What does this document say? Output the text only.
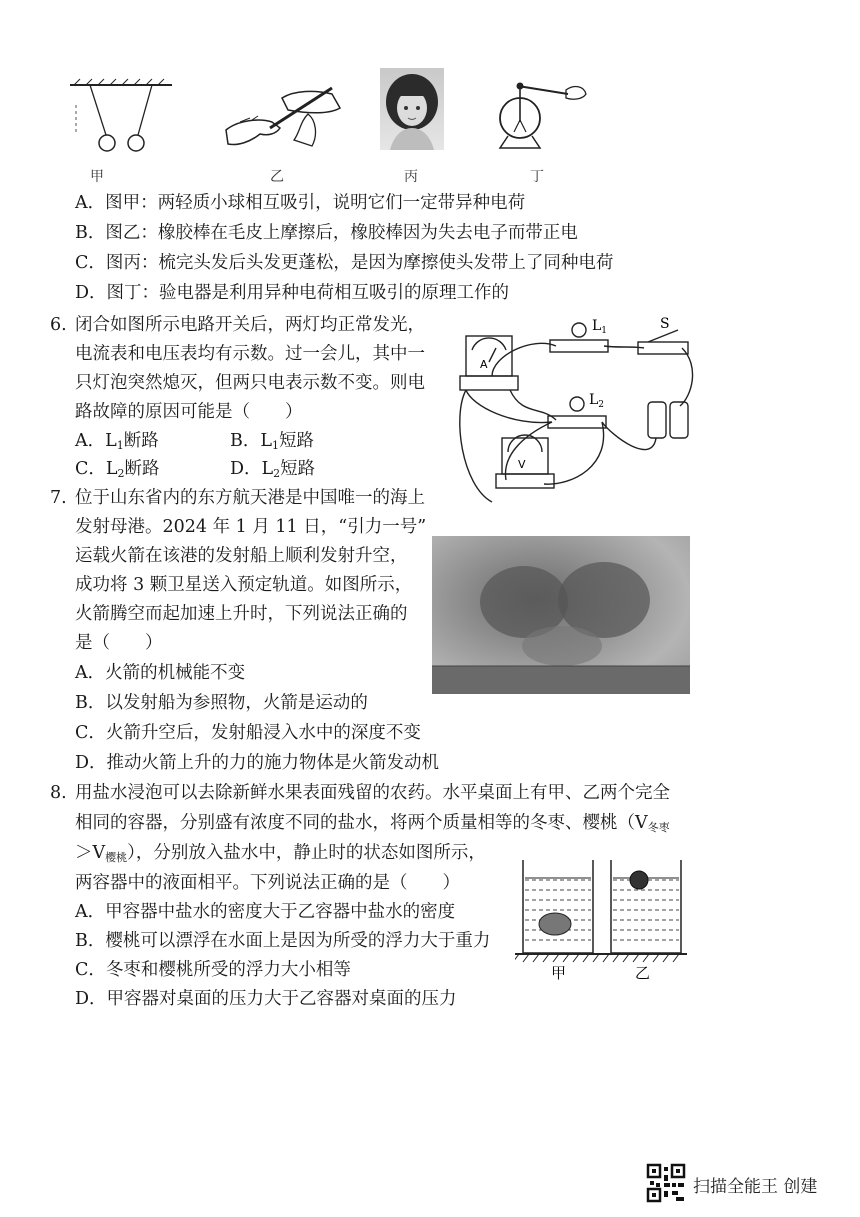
甲	乙	丙	丁
A．图甲：两轻质小球相互吸引，说明它们一定带异种电荷
B．图乙：橡胶棒在毛皮上摩擦后，橡胶棒因为失去电子而带正电
C．图丙：梳完头发后头发更蓬松，是因为摩擦使头发带上了同种电荷
D．图丁：验电器是利用异种电荷相互吸引的原理工作的
6. 闭合如图所示电路开关后，两灯均正常发光，
电流表和电压表均有示数。过一会儿，其中一
只灯泡突然熄灭，但两只电表示数不变。则电
路故障的原因可能是（　　）
A．$L_1$断路	B．$L_1$短路
C．$L_2$断路	D．$L_2$短路
A
V
$L_1$
$L_2$
S
7. 位于山东省内的东方航天港是中国唯一的海上
发射母港。2024 年 1 月 11 日，“引力一号”
运载火箭在该港的发射船上顺利发射升空，
成功将 3 颗卫星送入预定轨道。如图所示，
火箭腾空而起加速上升时，下列说法正确的
是（　　）
A．火箭的机械能不变
B．以发射船为参照物，火箭是运动的
C．火箭升空后，发射船浸入水中的深度不变
D．推动火箭上升的力的施力物体是火箭发动机
8. 用盐水浸泡可以去除新鲜水果表面残留的农药。水平桌面上有甲、乙两个完全
相同的容器，分别盛有浓度不同的盐水，将两个质量相等的冬枣、樱桃（$V_{冬枣}$
$>V_{樱桃}$），分别放入盐水中，静止时的状态如图所示，
两容器中的液面相平。下列说法正确的是（　　）
A．甲容器中盐水的密度大于乙容器中盐水的密度
B．樱桃可以漂浮在水面上是因为所受的浮力大于重力
C．冬枣和樱桃所受的浮力大小相等
D．甲容器对桌面的压力大于乙容器对桌面的压力
甲	乙
扫描全能王 创建
